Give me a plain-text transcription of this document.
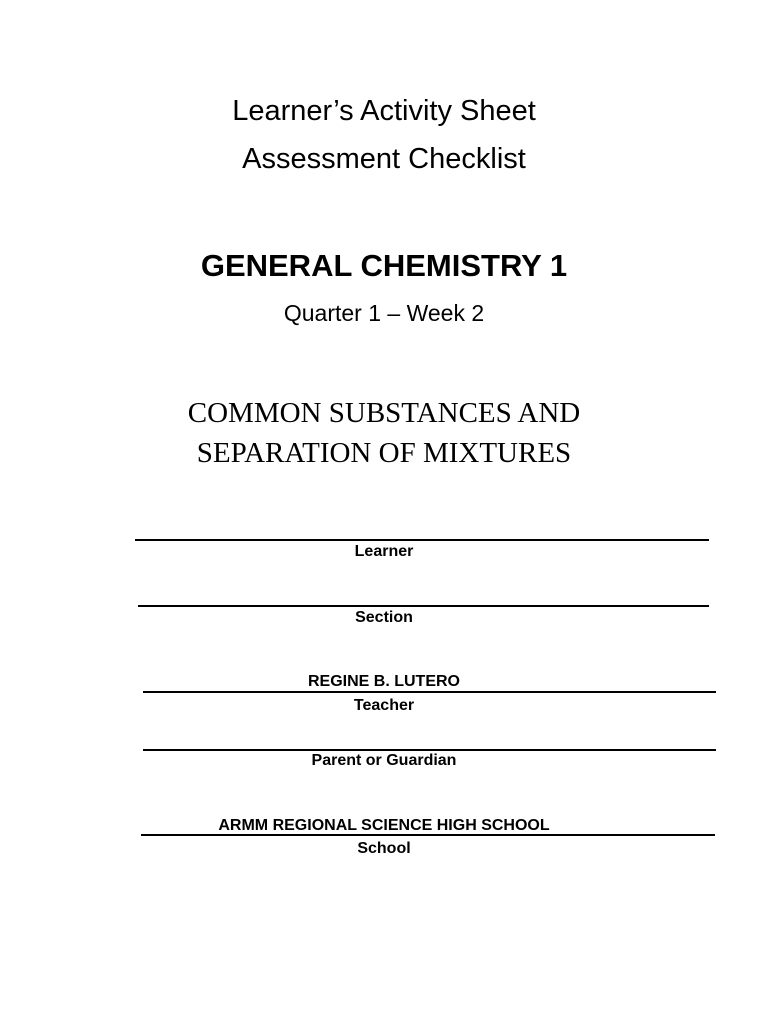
Learner’s Activity Sheet
Assessment Checklist
GENERAL CHEMISTRY 1
Quarter 1 – Week 2
COMMON SUBSTANCES AND
SEPARATION OF MIXTURES
Learner
Section
REGINE B. LUTERO
Teacher
Parent or Guardian
ARMM REGIONAL SCIENCE HIGH SCHOOL
School
